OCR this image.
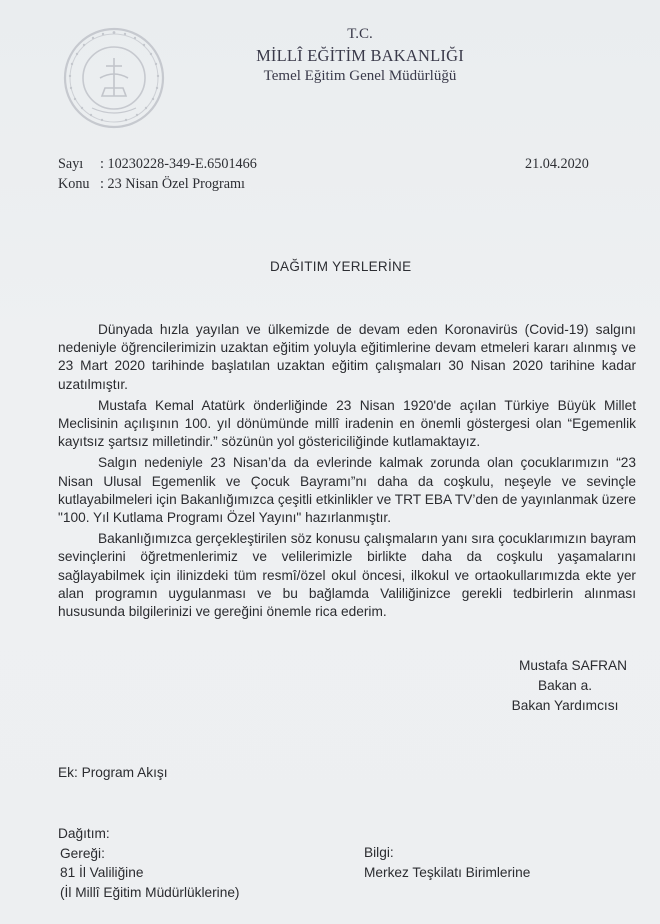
T.C.
MİLLÎ EĞİTİM BAKANLIĞI
Temel Eğitim Genel Müdürlüğü
Sayı : 10230228-349-E.6501466
Konu : 23 Nisan Özel Programı
21.04.2020
DAĞITIM YERLERİNE

Dünyada hızla yayılan ve ülkemizde de devam eden Koronavirüs (Covid-19) salgını nedeniyle öğrencilerimizin uzaktan eğitim yoluyla eğitimlerine devam etmeleri kararı alınmış ve 23 Mart 2020 tarihinde başlatılan uzaktan eğitim çalışmaları 30 Nisan 2020 tarihine kadar uzatılmıştır.

Mustafa Kemal Atatürk önderliğinde 23 Nisan 1920'de açılan Türkiye Büyük Millet Meclisinin açılışının 100. yıl dönümünde millî iradenin en önemli göstergesi olan “Egemenlik kayıtsız şartsız milletindir.” sözünün yol göstericiliğinde kutlamaktayız.

Salgın nedeniyle 23 Nisan’da da evlerinde kalmak zorunda olan çocuklarımızın “23 Nisan Ulusal Egemenlik ve Çocuk Bayramı”nı daha da coşkulu, neşeyle ve sevinçle kutlayabilmeleri için Bakanlığımızca çeşitli etkinlikler ve TRT EBA TV’den de yayınlanmak üzere "100. Yıl Kutlama Programı Özel Yayını" hazırlanmıştır.

Bakanlığımızca gerçekleştirilen söz konusu çalışmaların yanı sıra çocuklarımızın bayram sevinçlerini öğretmenlerimiz ve velilerimizle birlikte daha da coşkulu yaşamalarını sağlayabilmek için ilinizdeki tüm resmî/özel okul öncesi, ilkokul ve ortaokullarımızda ekte yer alan programın uygulanması ve bu bağlamda Valiliğinizce gerekli tedbirlerin alınması hususunda bilgilerinizi ve gereğini önemle rica ederim.

Mustafa SAFRAN
Bakan a.
Bakan Yardımcısı
Ek: Program Akışı
Dağıtım:
Gereği:
81 İl Valiliğine
(İl Millî Eğitim Müdürlüklerine)
Bilgi:
Merkez Teşkilatı Birimlerine
